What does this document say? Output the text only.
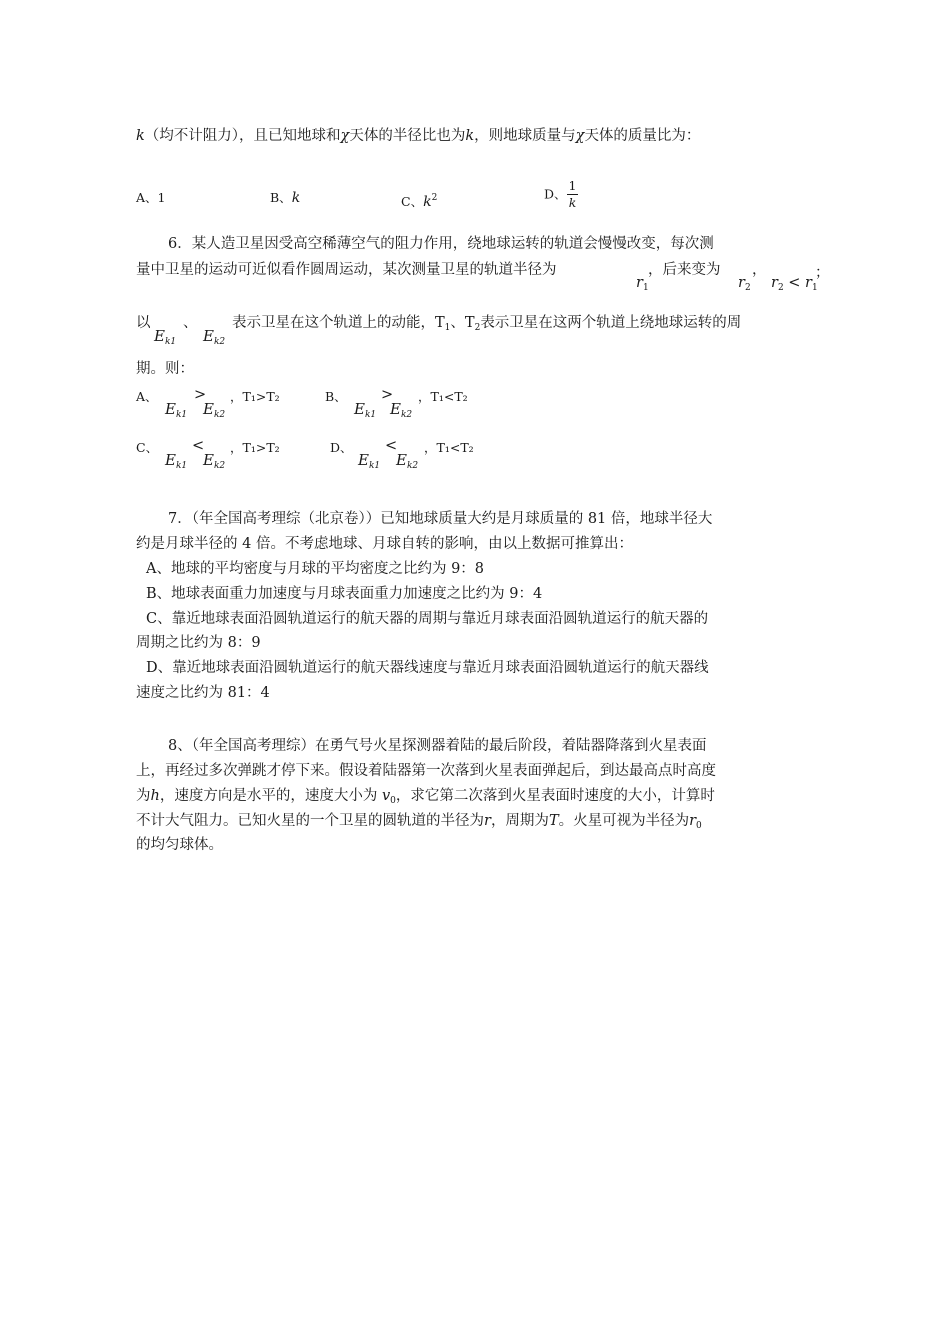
k（均不计阻力），且已知地球和χ天体的半径比也为k，则地球质量与χ天体的质量比为：
A、1	B、k	C、$k^2$	D、 $\frac{1}{k}$
6．某人造卫星因受高空稀薄空气的阻力作用，绕地球运转的轨道会慢慢改变，每次测
量中卫星的运动可近似看作圆周运动，某次测量卫星的轨道半径为
$r_1$
，后来变为
$r_2$
，
$r_2 < r_1$
；
以
$E_{k1}$
、
$E_{k2}$
表示卫星在这个轨道上的动能，$T_1$、$T_2$表示卫星在这两个轨道上绕地球运转的周
期。则：
A、
$E_{k1}$
>
$E_{k2}$
，T₁>T₂	B、
$E_{k1}$
>
$E_{k2}$
，T₁<T₂
C、
$E_{k1}$
<
$E_{k2}$
，T₁>T₂	D、
$E_{k1}$
<
$E_{k2}$
，T₁<T₂
7．（年全国高考理综（北京卷））已知地球质量大约是月球质量的 81 倍，地球半径大
约是月球半径的 4 倍。不考虑地球、月球自转的影响，由以上数据可推算出：
A、地球的平均密度与月球的平均密度之比约为 9：8
B、地球表面重力加速度与月球表面重力加速度之比约为 9：4
C、靠近地球表面沿圆轨道运行的航天器的周期与靠近月球表面沿圆轨道运行的航天器的
周期之比约为 8：9
D、靠近地球表面沿圆轨道运行的航天器线速度与靠近月球表面沿圆轨道运行的航天器线
速度之比约为 81：4
8、（年全国高考理综）在勇气号火星探测器着陆的最后阶段，着陆器降落到火星表面
上，再经过多次弹跳才停下来。假设着陆器第一次落到火星表面弹起后，到达最高点时高度
为h，速度方向是水平的，速度大小为 $v_0$，求它第二次落到火星表面时速度的大小，计算时
不计大气阻力。已知火星的一个卫星的圆轨道的半径为r，周期为T。火星可视为半径为$r_0$
的均匀球体。
